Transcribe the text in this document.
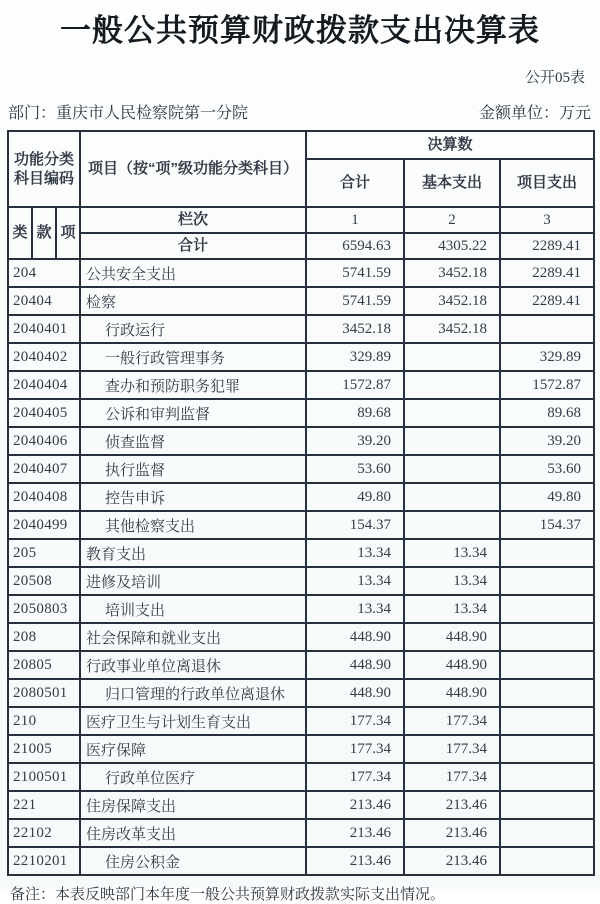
一般公共预算财政拨款支出决算表
公开05表
部门：重庆市人民检察院第一分院	金额单位：万元
功能分类科目编码			项目（按“项”级功能分类科目）	决算数		
				合计	基本支出	项目支出
类	款	项	栏次	1	2	3
			合计	6594.63	4305.22	2289.41
204			公共安全支出	5741.59	3452.18	2289.41
20404			检察	5741.59	3452.18	2289.41
2040401			行政运行	3452.18	3452.18	
2040402			一般行政管理事务	329.89		329.89
2040404			查办和预防职务犯罪	1572.87		1572.87
2040405			公诉和审判监督	89.68		89.68
2040406			侦查监督	39.20		39.20
2040407			执行监督	53.60		53.60
2040408			控告申诉	49.80		49.80
2040499			其他检察支出	154.37		154.37
205			教育支出	13.34	13.34	
20508			进修及培训	13.34	13.34	
2050803			培训支出	13.34	13.34	
208			社会保障和就业支出	448.90	448.90	
20805			行政事业单位离退休	448.90	448.90	
2080501			归口管理的行政单位离退休	448.90	448.90	
210			医疗卫生与计划生育支出	177.34	177.34	
21005			医疗保障	177.34	177.34	
2100501			行政单位医疗	177.34	177.34	
221			住房保障支出	213.46	213.46	
22102			住房改革支出	213.46	213.46	
2210201			住房公积金	213.46	213.46	
备注：本表反映部门本年度一般公共预算财政拨款实际支出情况。
